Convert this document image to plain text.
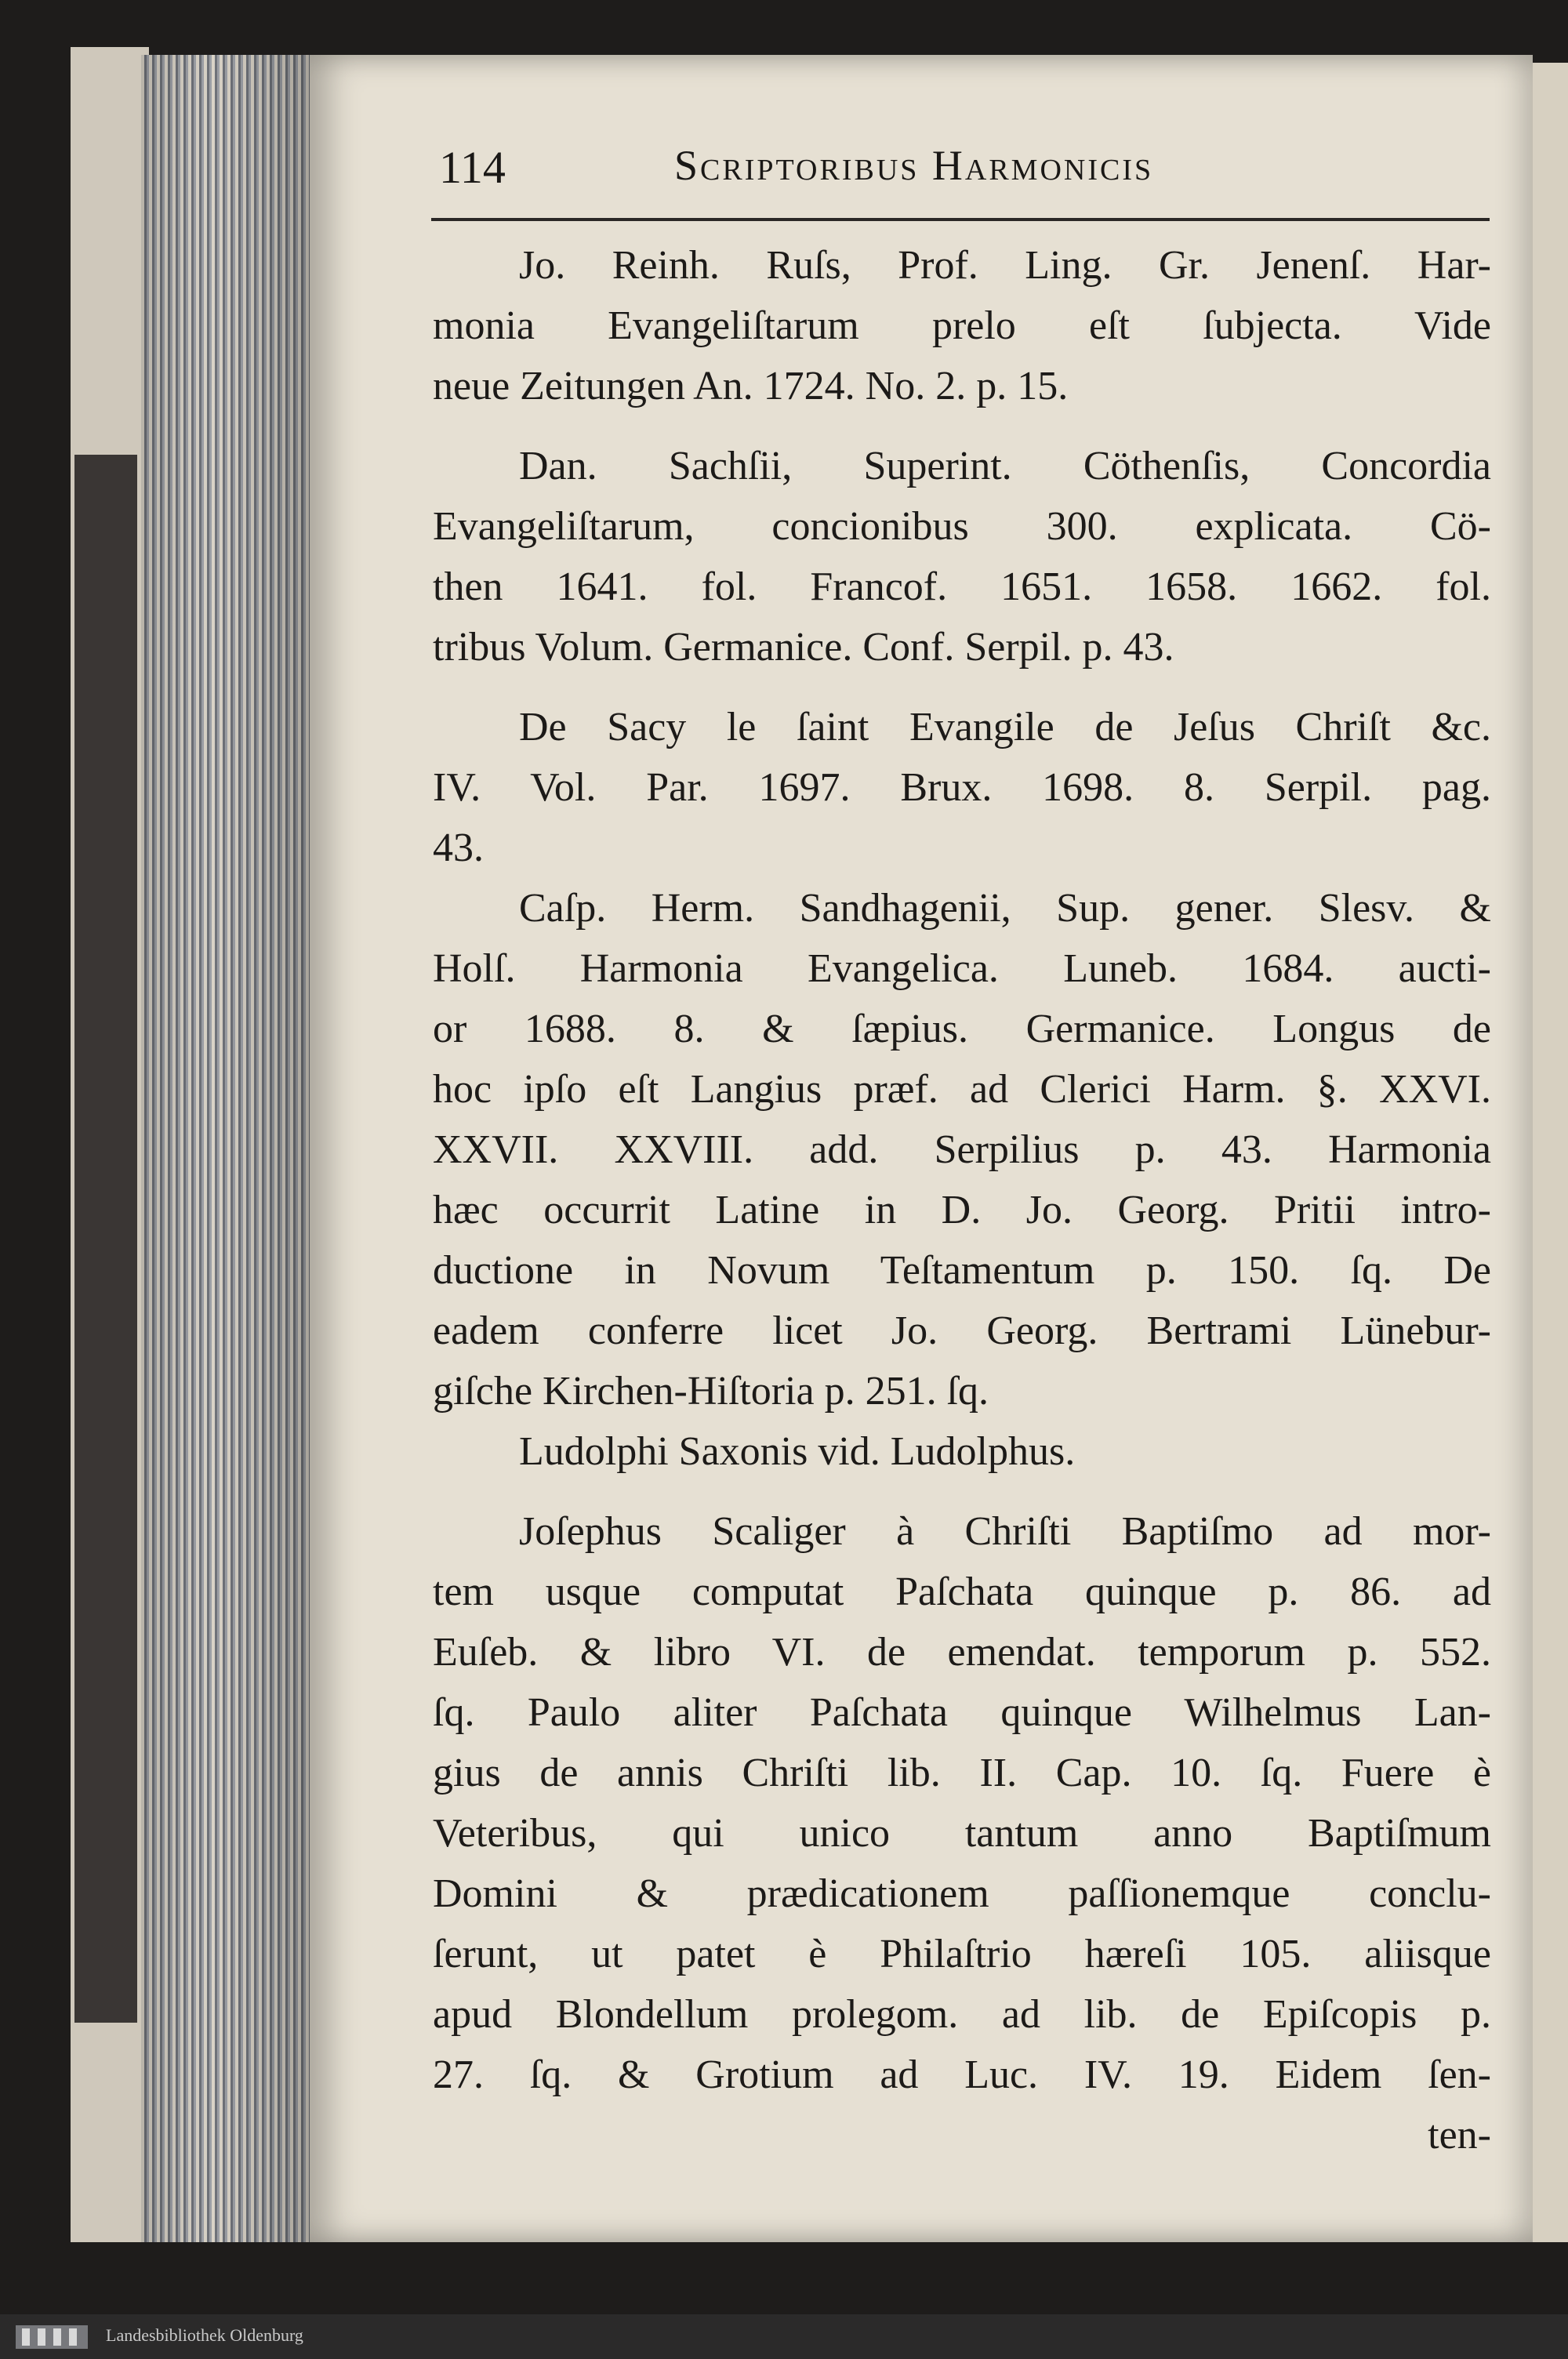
114	Scriptoribus Harmonicis
Jo. Reinh. Ruſs, Prof. Ling. Gr. Jenenſ. Har-
monia Evangeliſtarum prelo eſt ſubjecta. Vide
neue Zeitungen An. 1724. No. 2. p. 15.
Dan. Sachſii, Superint. Cöthenſis, Concordia
Evangeliſtarum, concionibus 300. explicata. Cö-
then 1641. fol. Francof. 1651. 1658. 1662. fol.
tribus Volum. Germanice. Conf. Serpil. p. 43.
De Sacy le ſaint Evangile de Jeſus Chriſt &c.
IV. Vol. Par. 1697. Brux. 1698. 8. Serpil. pag.
43.
Caſp. Herm. Sandhagenii, Sup. gener. Slesv. &
Holſ. Harmonia Evangelica. Luneb. 1684. aucti-
or 1688. 8. & ſæpius. Germanice. Longus de
hoc ipſo eſt Langius præf. ad Clerici Harm. §. XXVI.
XXVII. XXVIII. add. Serpilius p. 43. Harmonia
hæc occurrit Latine in D. Jo. Georg. Pritii intro-
ductione in Novum Teſtamentum p. 150. ſq. De
eadem conferre licet Jo. Georg. Bertrami Lünebur-
giſche Kirchen-Hiſtoria p. 251. ſq.
Ludolphi Saxonis vid. Ludolphus.
Joſephus Scaliger à Chriſti Baptiſmo ad mor-
tem usque computat Paſchata quinque p. 86. ad
Euſeb. & libro VI. de emendat. temporum p. 552.
ſq. Paulo aliter Paſchata quinque Wilhelmus Lan-
gius de annis Chriſti lib. II. Cap. 10. ſq. Fuere è
Veteribus, qui unico tantum anno Baptiſmum
Domini & prædicationem paſſionemque conclu-
ſerunt, ut patet è Philaſtrio hæreſi 105. aliisque
apud Blondellum prolegom. ad lib. de Epiſcopis p.
27. ſq. & Grotium ad Luc. IV. 19. Eidem ſen-
ten-
Landesbibliothek Oldenburg
